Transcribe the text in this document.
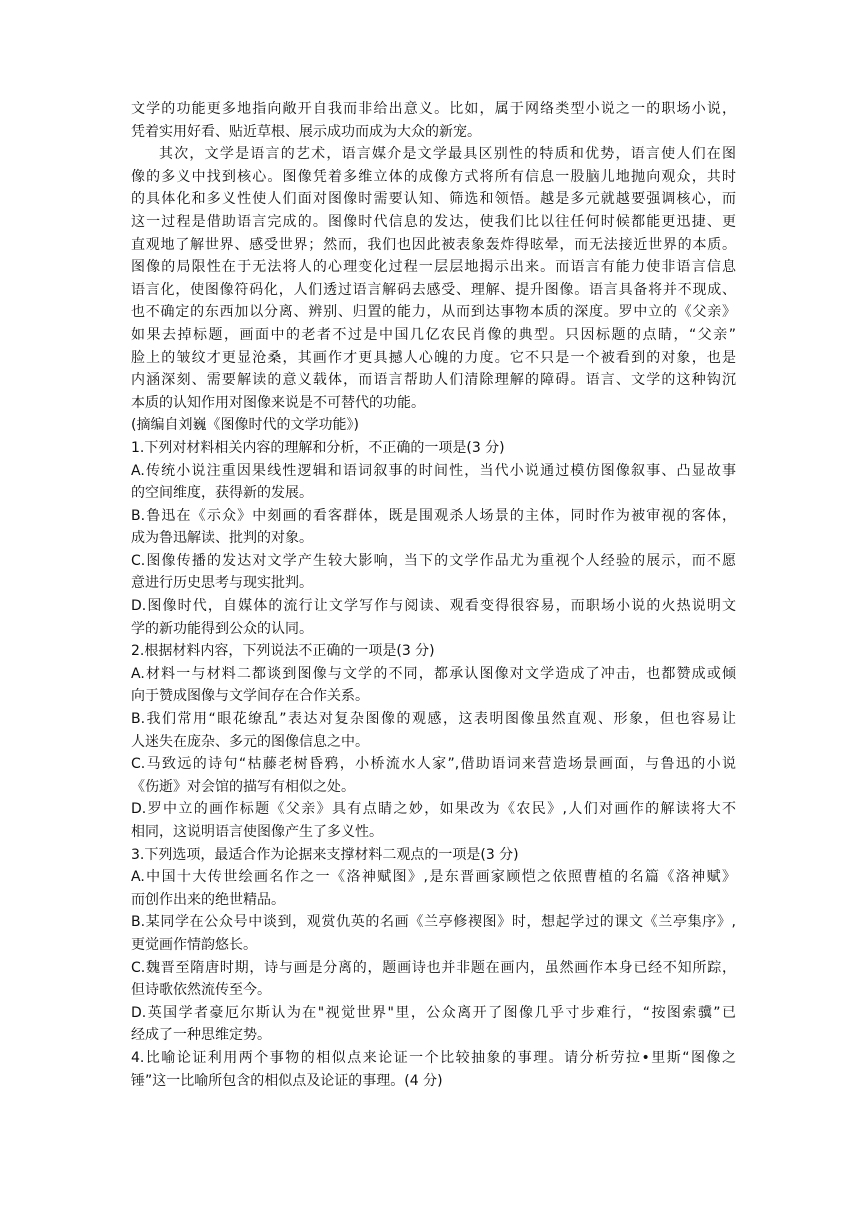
文学的功能更多地指向敞开自我而非给出意义。比如，属于网络类型小说之一的职场小说，

凭着实用好看、贴近草根、展示成功而成为大众的新宠。

其次，文学是语言的艺术，语言媒介是文学最具区别性的特质和优势，语言使人们在图

像的多义中找到核心。图像凭着多维立体的成像方式将所有信息一股脑儿地抛向观众，共时

的具体化和多义性使人们面对图像时需要认知、筛选和领悟。越是多元就越要强调核心，而

这一过程是借助语言完成的。图像时代信息的发达，使我们比以往任何时候都能更迅捷、更

直观地了解世界、感受世界；然而，我们也因此被表象轰炸得昡晕，而无法接近世界的本质。

图像的局限性在于无法将人的心理变化过程一层层地揭示出来。而语言有能力使非语言信息

语言化，使图像符码化，人们透过语言解码去感受、理解、提升图像。语言具备将并不现成、

也不确定的东西加以分离、辨别、归置的能力，从而到达事物本质的深度。罗中立的《父亲》

如果去掉标题，画面中的老者不过是中国几亿农民肖像的典型。只因标题的点睛，“父亲”

脸上的皱纹才更显沧桑，其画作才更具撼人心魄的力度。它不只是一个被看到的对象，也是

内涵深刻、需要解读的意义载体，而语言帮助人们清除理解的障碍。语言、文学的这种钩沉

本质的认知作用对图像来说是不可替代的功能。

(摘编自刘巍《图像时代的文学功能》)

1.下列对材料相关内容的理解和分析，不正确的一项是(3 分)

A.传统小说注重因果线性逻辑和语词叙事的时间性，当代小说通过模仿图像叙事、凸显故事

的空间维度，获得新的发展。

B.鲁迅在《示众》中刻画的看客群体，既是围观杀人场景的主体，同时作为被审视的客体，

成为鲁迅解读、批判的对象。

C.图像传播的发达对文学产生较大影响，当下的文学作品尤为重视个人经验的展示，而不愿

意进行历史思考与现实批判。

D.图像时代，自媒体的流行让文学写作与阅读、观看变得很容易，而职场小说的火热说明文

学的新功能得到公众的认同。

2.根据材料内容，下列说法不正确的一项是(3 分)

A.材料一与材料二都谈到图像与文学的不同，都承认图像对文学造成了冲击，也都赞成或倾

向于赞成图像与文学间存在合作关系。

B.我们常用“眼花缭乱”表达对复杂图像的观感，这表明图像虽然直观、形象，但也容易让

人迷失在庞杂、多元的图像信息之中。

C.马致远的诗句“枯藤老树昏鸦，小桥流水人家”,借助语词来营造场景画面，与鲁迅的小说

《伤逝》对会馆的描写有相似之处。

D.罗中立的画作标题《父亲》具有点睛之妙，如果改为《农民》,人们对画作的解读将大不

相同，这说明语言使图像产生了多义性。

3.下列选项，最适合作为论据来支撑材料二观点的一项是(3 分)

A.中国十大传世绘画名作之一《洛神赋图》,是东晋画家顾恺之依照曹植的名篇《洛神赋》

而创作出来的绝世精品。

B.某同学在公众号中谈到，观赏仇英的名画《兰亭修禊图》时，想起学过的课文《兰亭集序》,

更觉画作情韵悠长。

C.魏晋至隋唐时期，诗与画是分离的，题画诗也并非题在画内，虽然画作本身已经不知所踪，

但诗歌依然流传至今。

D.英国学者豪厄尔斯认为在"视觉世界"里，公众离开了图像几乎寸步难行，“按图索骥”已

经成了一种思维定势。

4.比喻论证利用两个事物的相似点来论证一个比较抽象的事理。请分析劳拉•里斯“图像之

锤”这一比喻所包含的相似点及论证的事理。(4 分)
